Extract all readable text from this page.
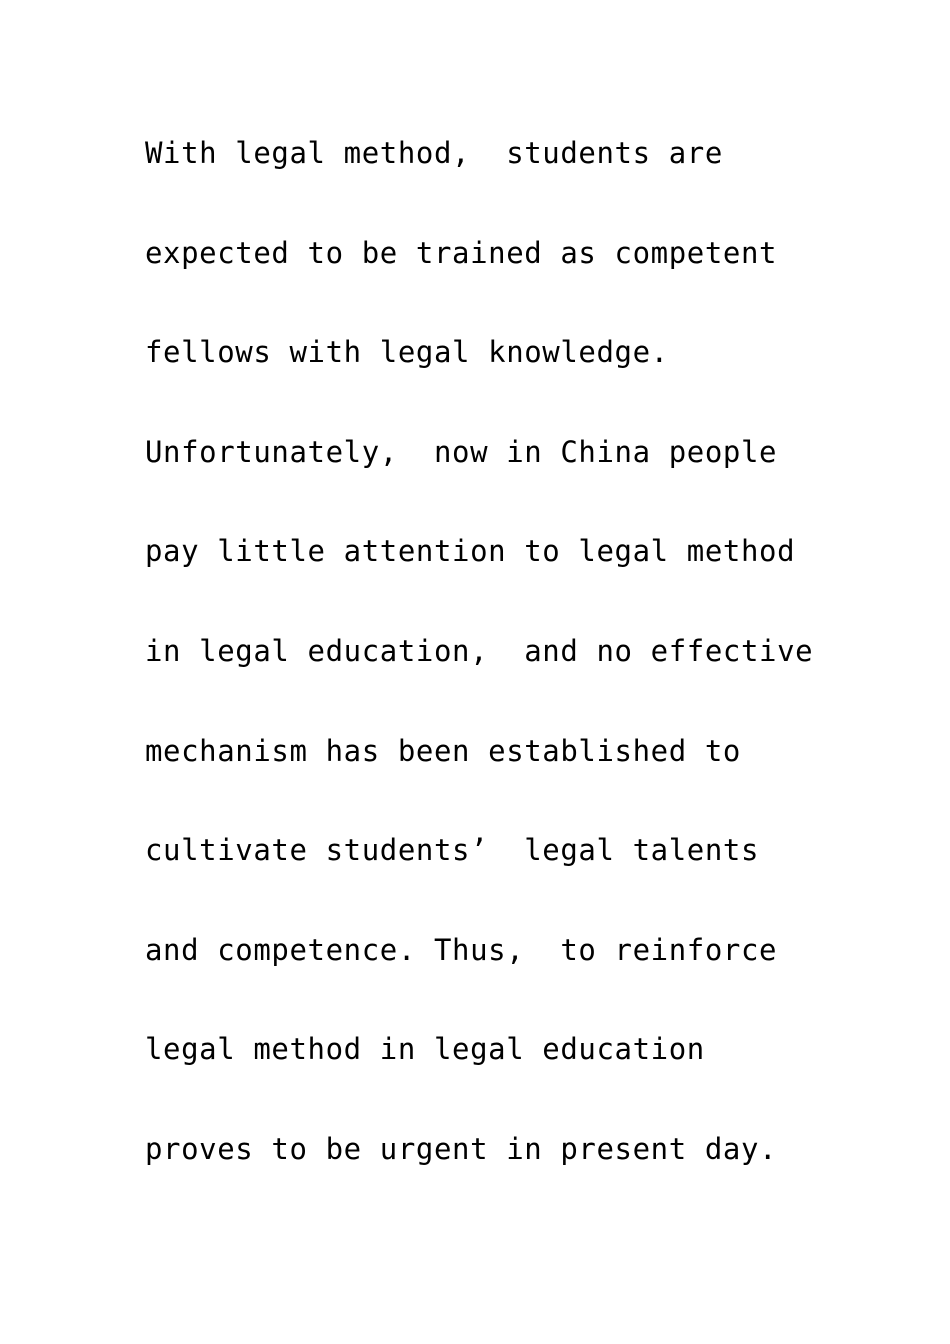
With legal method,  students are
expected to be trained as competent
fellows with legal knowledge.
Unfortunately,  now in China people
pay little attention to legal method
in legal education,  and no effective
mechanism has been established to
cultivate students’  legal talents
and competence. Thus,  to reinforce
legal method in legal education
proves to be urgent in present day.
